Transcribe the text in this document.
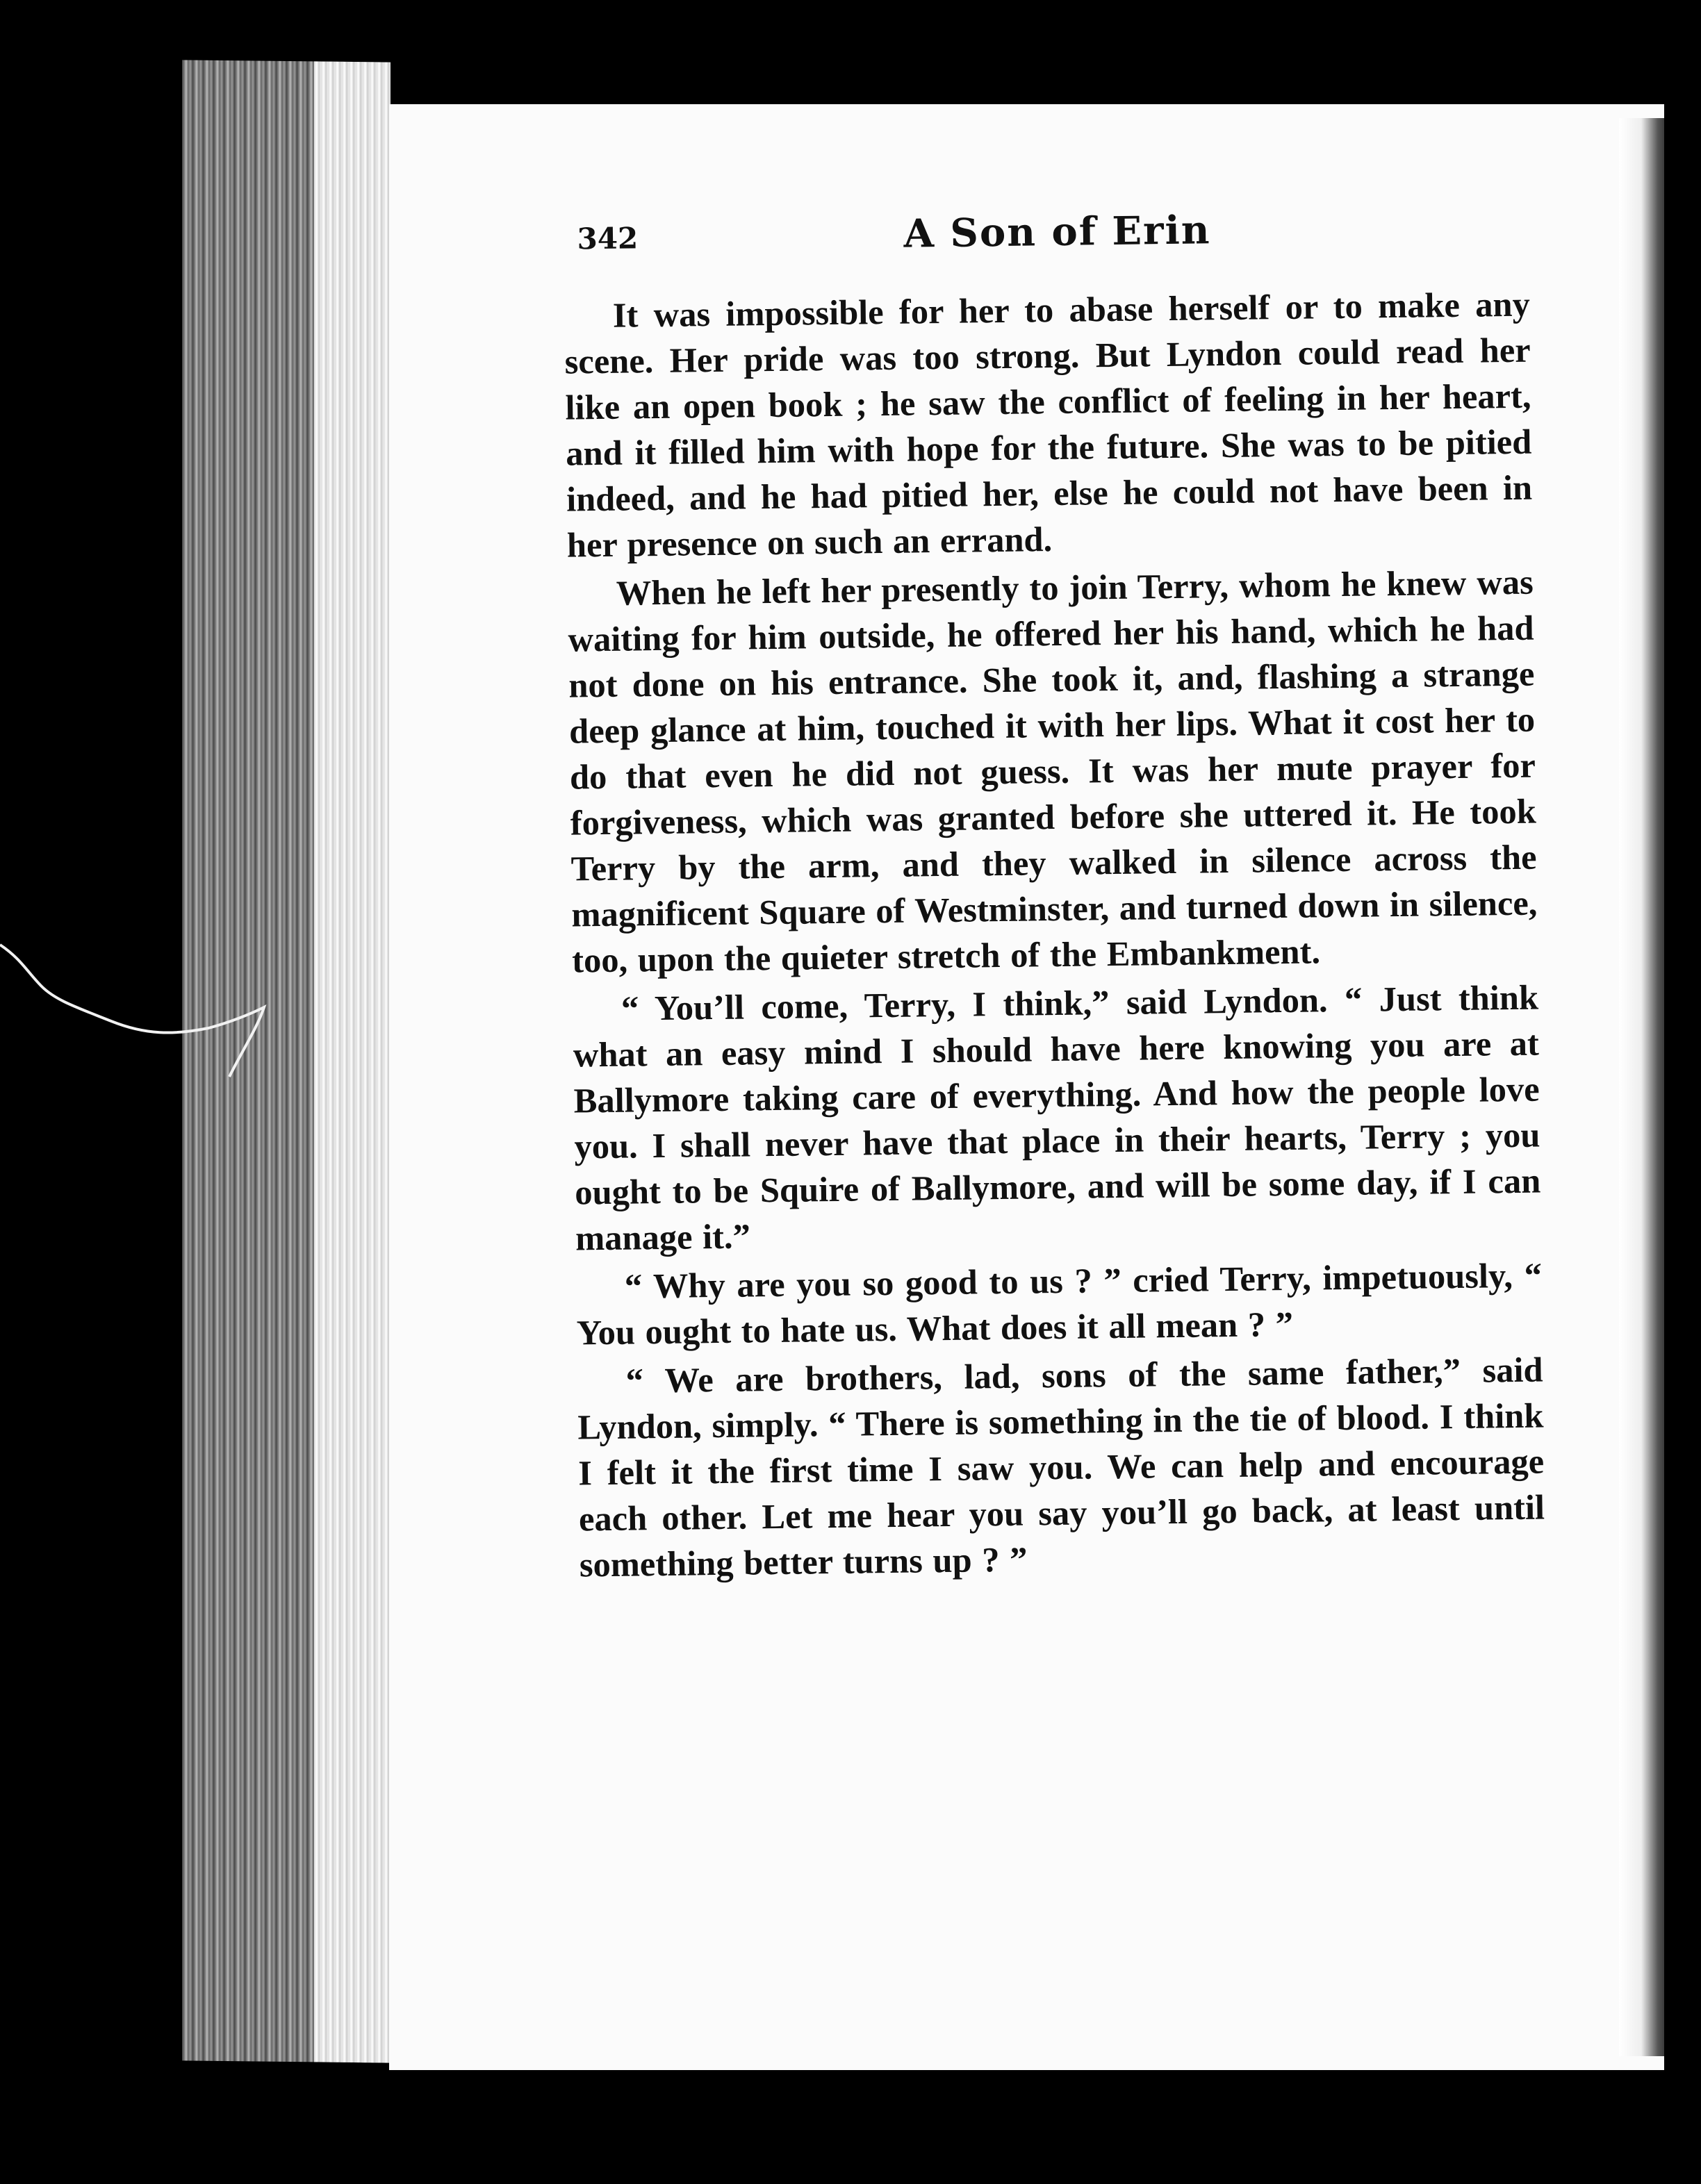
342	A Son of Erin

It was impossible for her to abase herself or to make any scene. Her pride was too strong. But Lyndon could read her like an open book ; he saw the conflict of feeling in her heart, and it filled him with hope for the future. She was to be pitied indeed, and he had pitied her, else he could not have been in her presence on such an errand.

When he left her presently to join Terry, whom he knew was waiting for him outside, he offered her his hand, which he had not done on his entrance. She took it, and, flashing a strange deep glance at him, touched it with her lips. What it cost her to do that even he did not guess. It was her mute prayer for forgiveness, which was granted before she uttered it. He took Terry by the arm, and they walked in silence across the magnificent Square of Westminster, and turned down in silence, too, upon the quieter stretch of the Embankment.

“ You’ll come, Terry, I think,” said Lyndon. “ Just think what an easy mind I should have here knowing you are at Ballymore taking care of everything. And how the people love you. I shall never have that place in their hearts, Terry ; you ought to be Squire of Ballymore, and will be some day, if I can manage it.”

“ Why are you so good to us ? ” cried Terry, impetuously, “ You ought to hate us. What does it all mean ? ”

“ We are brothers, lad, sons of the same father,” said Lyndon, simply. “ There is something in the tie of blood. I think I felt it the first time I saw you. We can help and encourage each other. Let me hear you say you’ll go back, at least until something better turns up ? ”
